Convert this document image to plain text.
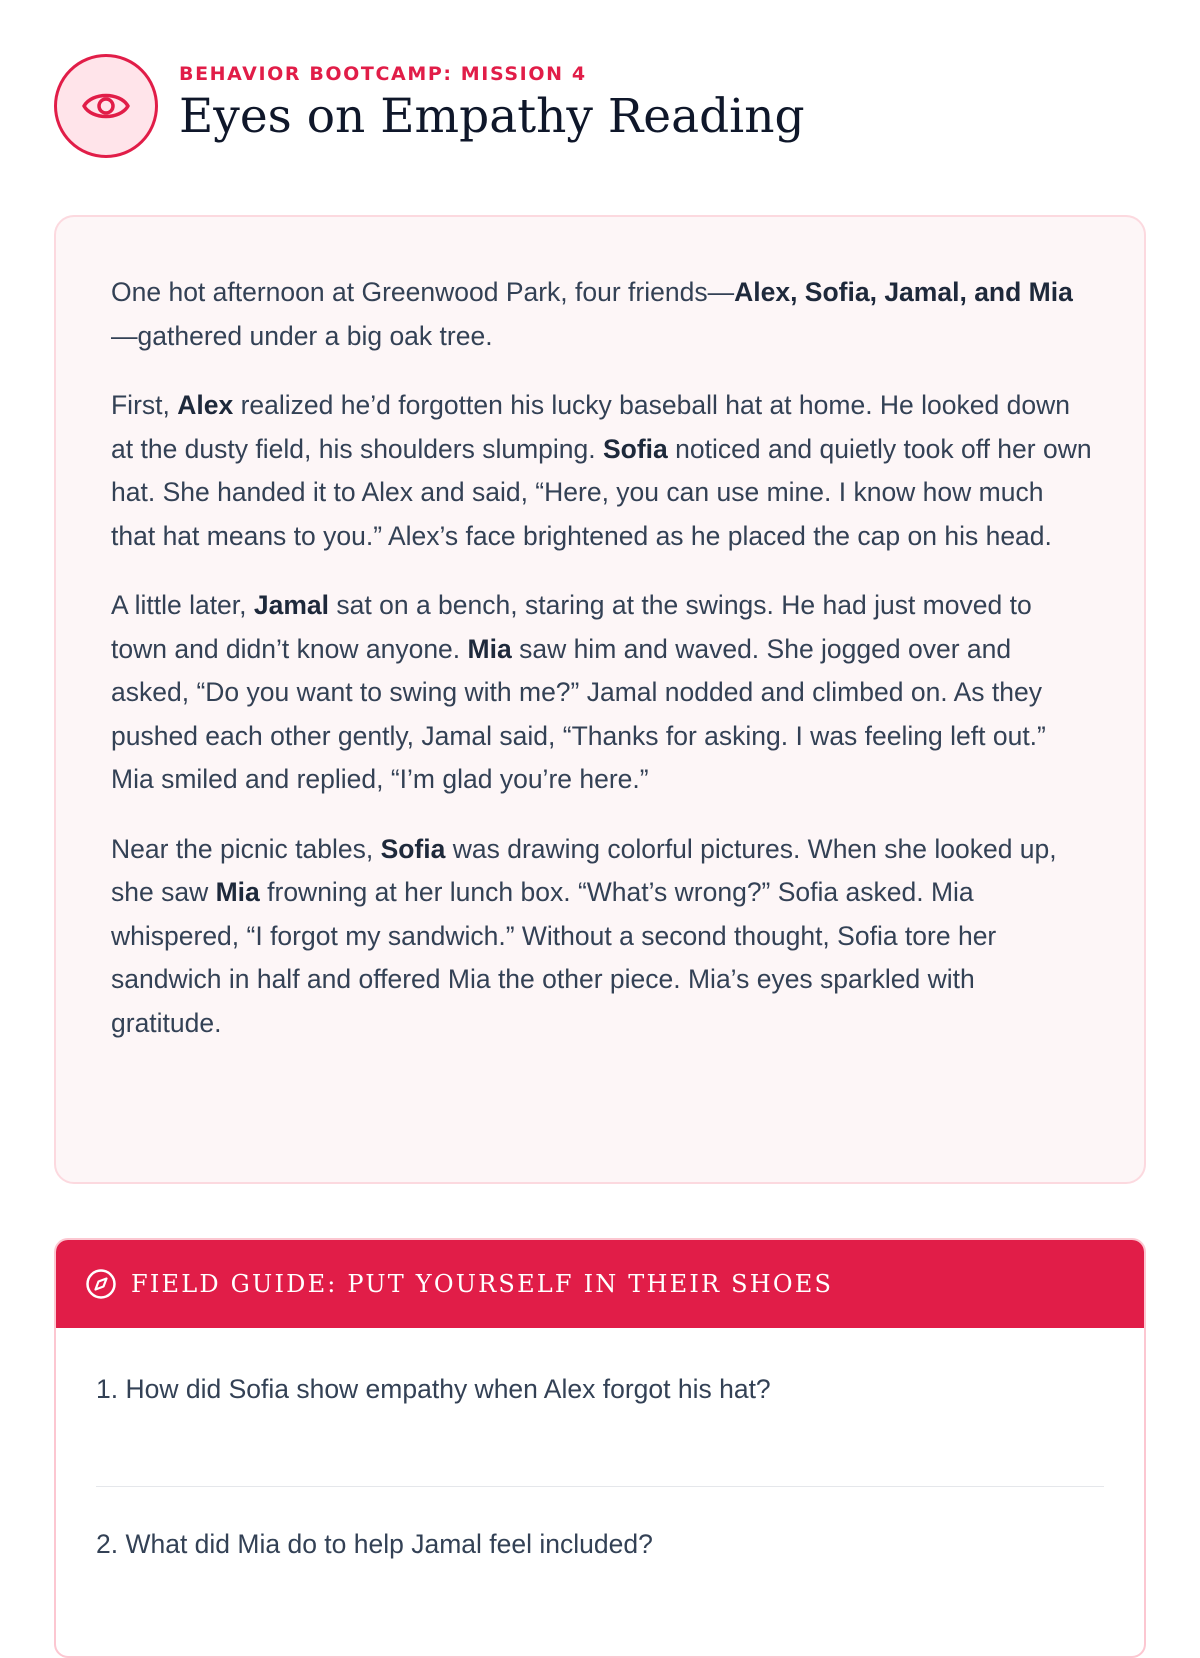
BEHAVIOR BOOTCAMP: MISSION 4
Eyes on Empathy Reading

One hot afternoon at Greenwood Park, four friends—Alex, Sofia, Jamal, and Mia—gathered under a big oak tree.

First, Alex realized he’d forgotten his lucky baseball hat at home. He looked down at the dusty field, his shoulders slumping. Sofia noticed and quietly took off her own hat. She handed it to Alex and said, “Here, you can use mine. I know how much that hat means to you.” Alex’s face brightened as he placed the cap on his head.

A little later, Jamal sat on a bench, staring at the swings. He had just moved to town and didn’t know anyone. Mia saw him and waved. She jogged over and asked, “Do you want to swing with me?” Jamal nodded and climbed on. As they pushed each other gently, Jamal said, “Thanks for asking. I was feeling left out.” Mia smiled and replied, “I’m glad you’re here.”

Near the picnic tables, Sofia was drawing colorful pictures. When she looked up, she saw Mia frowning at her lunch box. “What’s wrong?” Sofia asked. Mia whispered, “I forgot my sandwich.” Without a second thought, Sofia tore her sandwich in half and offered Mia the other piece. Mia’s eyes sparkled with gratitude.

FIELD GUIDE: PUT YOURSELF IN THEIR SHOES
1. How did Sofia show empathy when Alex forgot his hat?
2. What did Mia do to help Jamal feel included?
